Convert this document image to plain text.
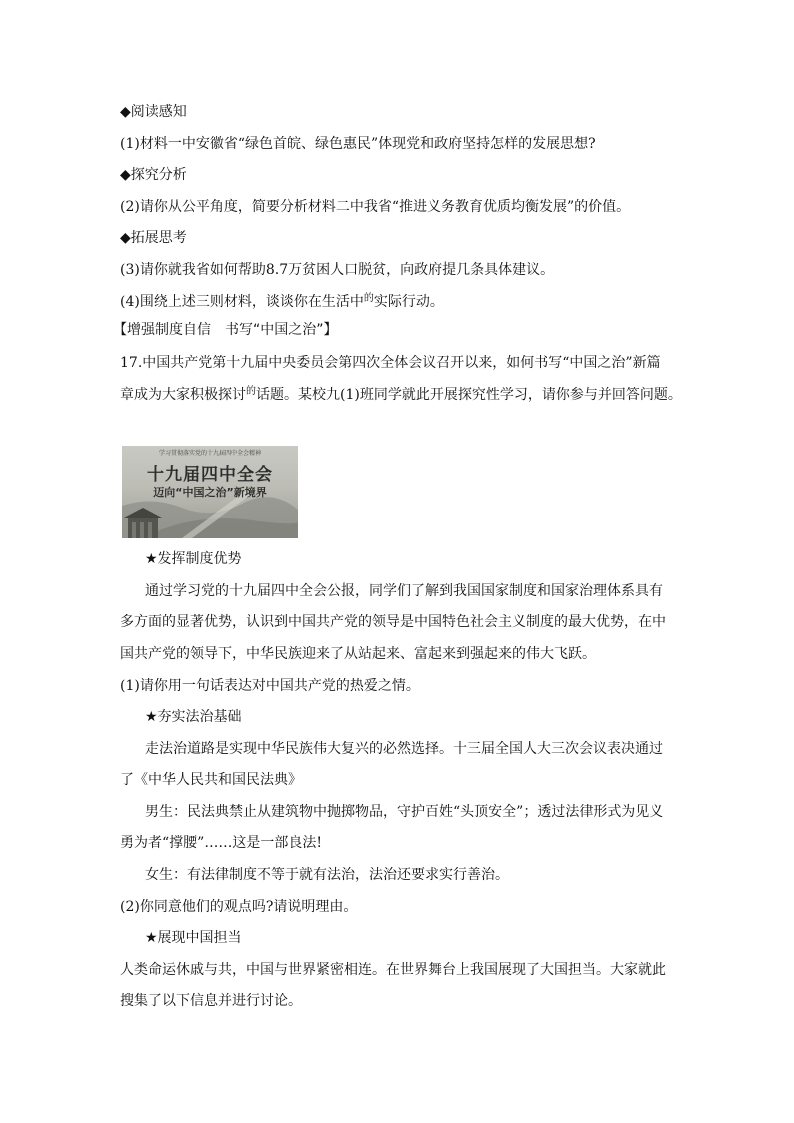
◆阅读感知
(1)材料一中安徽省“绿色首皖、绿色惠民”体现党和政府坚持怎样的发展思想?
◆探究分析
(2)请你从公平角度，简要分析材料二中我省“推进义务教育优质均衡发展”的价值。
◆拓展思考
(3)请你就我省如何帮助8.7万贫困人口脱贫，向政府提几条具体建议。
(4)围绕上述三则材料，谈谈你在生活中$^的$实际行动。
【增强制度自信　书写“中国之治”】
17.中国共产党第十九届中央委员会第四次全体会议召开以来，如何书写“中国之治”新篇
章成为大家积极探讨$^的$话题。某校九(1)班同学就此开展探究性学习，请你参与并回答问题。
学习贯彻落实党的十九届四中全会精神
十九届四中全会
迈向“中国之治”新境界
★发挥制度优势
通过学习党的十九届四中全会公报，同学们了解到我国国家制度和国家治理体系具有
多方面的显著优势，认识到中国共产党的领导是中国特色社会主义制度的最大优势，在中
国共产党的领导下，中华民族迎来了从站起来、富起来到强起来的伟大飞跃。
(1)请你用一句话表达对中国共产党的热爱之情。
★夯实法治基础
走法治道路是实现中华民族伟大复兴的必然选择。十三届全国人大三次会议表决通过
了《中华人民共和国民法典》
男生：民法典禁止从建筑物中抛掷物品，守护百姓“头顶安全”；透过法律形式为见义
勇为者“撑腰”……这是一部良法!
女生：有法律制度不等于就有法治，法治还要求实行善治。
(2)你同意他们的观点吗?请说明理由。
★展现中国担当
人类命运休戚与共，中国与世界紧密相连。在世界舞台上我国展现了大国担当。大家就此
搜集了以下信息并进行讨论。
